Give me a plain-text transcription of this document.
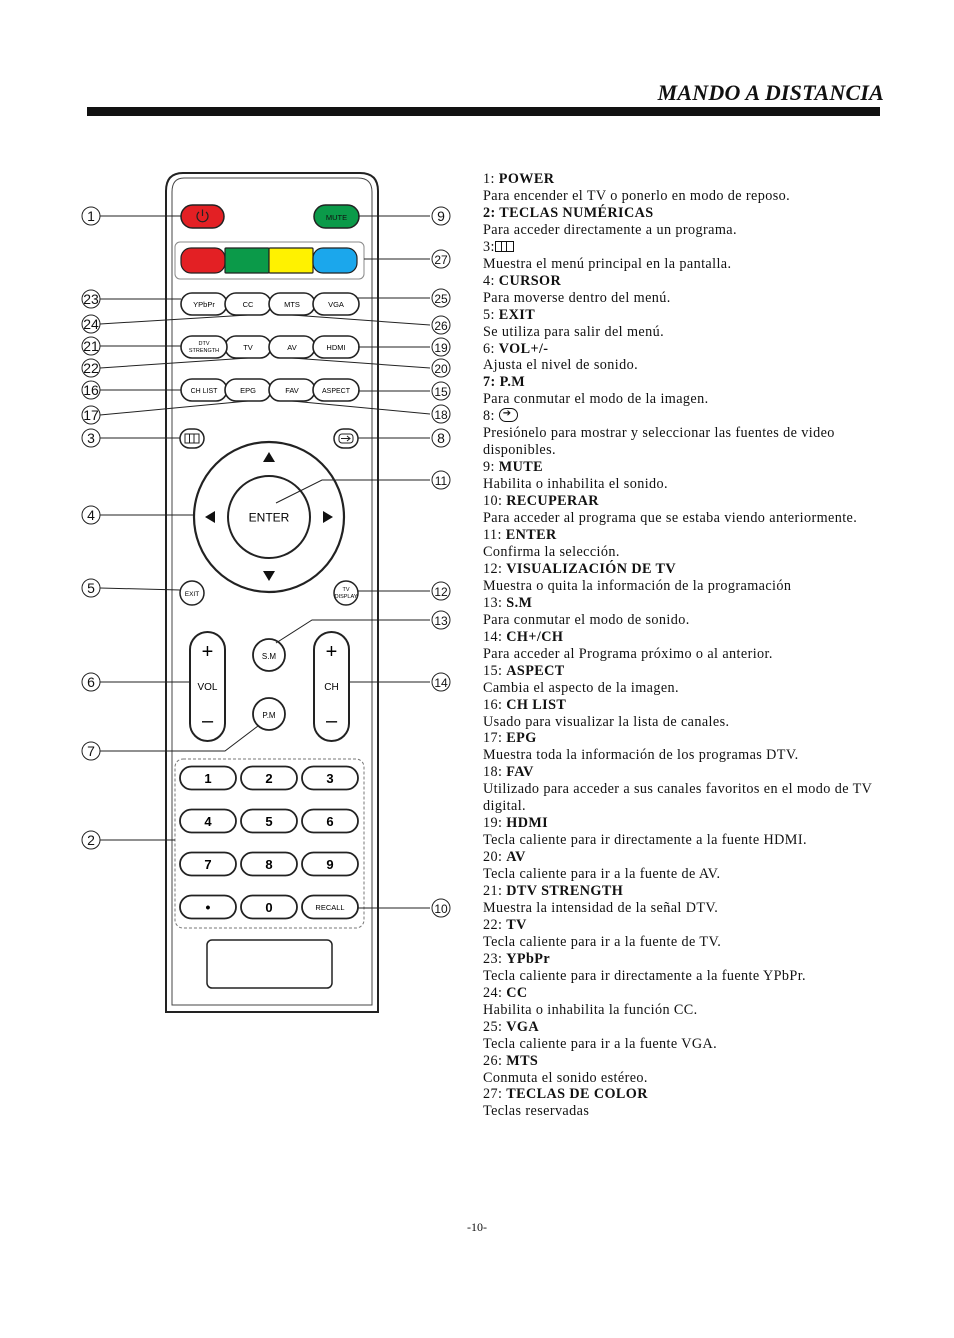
MANDO A DISTANCIA
MUTE
YPbPr	CC	MTS	VGA
TV	AV	HDMI
DTV
STRENGTH
CH LIST	EPG	FAV	ASPECT
ENTER
EXIT
TV
DISPLAY
+
VOL
–
+
CH
–
S.M
P.M
1	2	3
4	5	6
7	8	9
•	0	RECALL
1
23
24
21
22
16
17
3
4
5
6
7
2
9
27
25
26
19
20
15
18
8
11
12
13
14
10
1: POWER
Para encender el TV o ponerlo en modo de reposo.
2: TECLAS NUMÉRICAS
Para acceder directamente a un programa.
3:
Muestra el menú principal en la pantalla.
4: CURSOR
Para moverse dentro del menú.
5: EXIT
Se utiliza para salir del menú.
6: VOL+/-
Ajusta el nivel de sonido.
7: P.M
Para conmutar el modo de la imagen.
8: ➔
Presiónelo para mostrar y seleccionar las fuentes de video disponibles.
9: MUTE
Habilita o inhabilita el sonido.
10: RECUPERAR
Para acceder al programa que se estaba viendo anteriormente.
11: ENTER
Confirma la selección.
12: VISUALIZACIÓN DE TV
Muestra o quita la información de la programación
13: S.M
Para conmutar el modo de sonido.
14: CH+/CH
Para acceder al Programa próximo o al anterior.
15: ASPECT
Cambia el aspecto de la imagen.
16: CH LIST
Usado para visualizar la lista de canales.
17: EPG
Muestra toda la información de los programas DTV.
18: FAV
Utilizado para acceder a sus canales favoritos en el modo de TV digital.
19: HDMI
Tecla caliente para ir directamente a la fuente HDMI.
20: AV
Tecla caliente para ir a la fuente de AV.
21: DTV STRENGTH
Muestra la intensidad de la señal DTV.
22: TV
Tecla caliente para ir a la fuente de TV.
23: YPbPr
Tecla caliente para ir directamente a la fuente YPbPr.
24: CC
Habilita o inhabilita la función CC.
25: VGA
Tecla caliente para ir a la fuente VGA.
26: MTS
Conmuta el sonido estéreo.
27: TECLAS DE COLOR
Teclas reservadas
-10-
